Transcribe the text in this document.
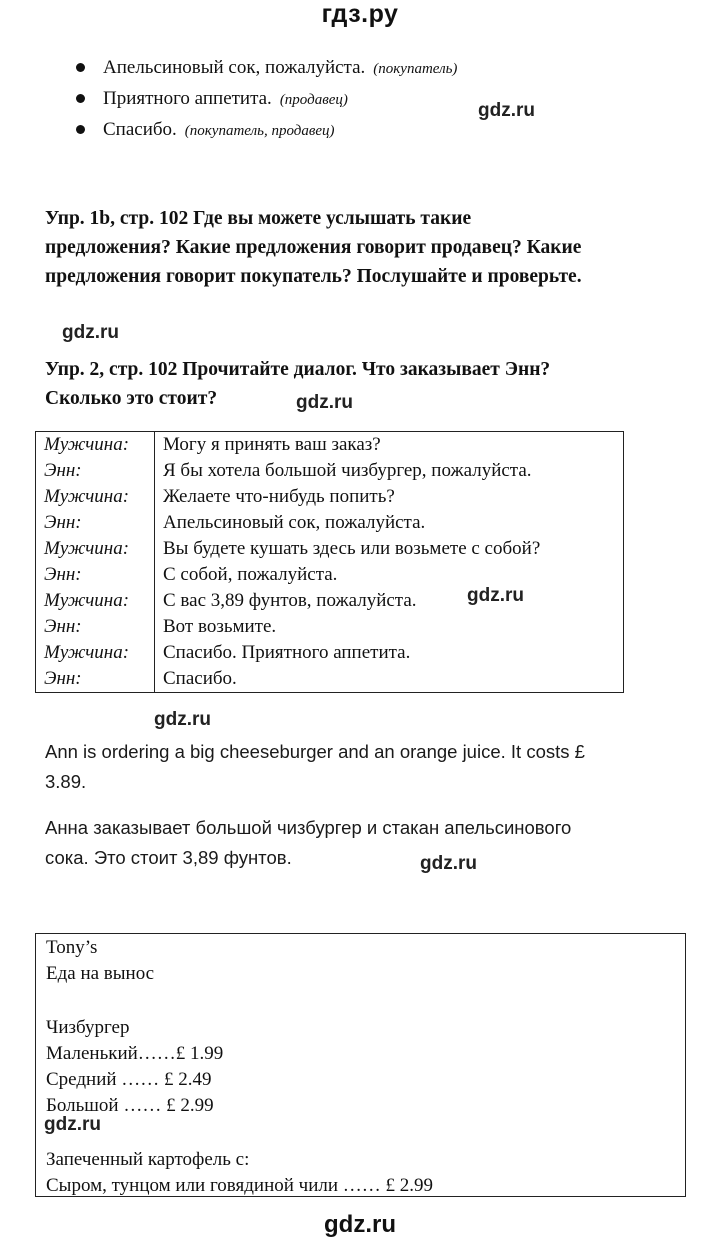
гдз.ру
Апельсиновый сок, пожалуйста. (покупатель)
Приятного аппетита. (продавец)
Спасибо. (покупатель, продавец)
gdz.ru
Упр. 1b, стр. 102 Где вы можете услышать такие
предложения? Какие предложения говорит продавец? Какие
предложения говорит покупатель? Послушайте и проверьте.
gdz.ru
Упр. 2, стр. 102 Прочитайте диалог. Что заказывает Энн?
Сколько это стоит?	gdz.ru
Мужчина:	Могу я принять ваш заказ?
Энн:	Я бы хотела большой чизбургер, пожалуйста.
Мужчина:	Желаете что-нибудь попить?
Энн:	Апельсиновый сок, пожалуйста.
Мужчина:	Вы будете кушать здесь или возьмете с собой?
Энн:	С собой, пожалуйста.
Мужчина:	С вас 3,89 фунтов, пожалуйста.
Энн:	Вот возьмите.
Мужчина:	Спасибо. Приятного аппетита.
Энн:	Спасибо.
gdz.ru
gdz.ru
Ann is ordering a big cheeseburger and an orange juice. It costs £
3.89.
Анна заказывает большой чизбургер и стакан апельсинового
сока. Это стоит 3,89 фунтов.	gdz.ru
Tony’s
Еда на вынос
Чизбургер
Маленький……£ 1.99
Средний …… £ 2.49
Большой …… £ 2.99
Запеченный картофель с:
Сыром, тунцом или говядиной чили …… £ 2.99
gdz.ru
gdz.ru
